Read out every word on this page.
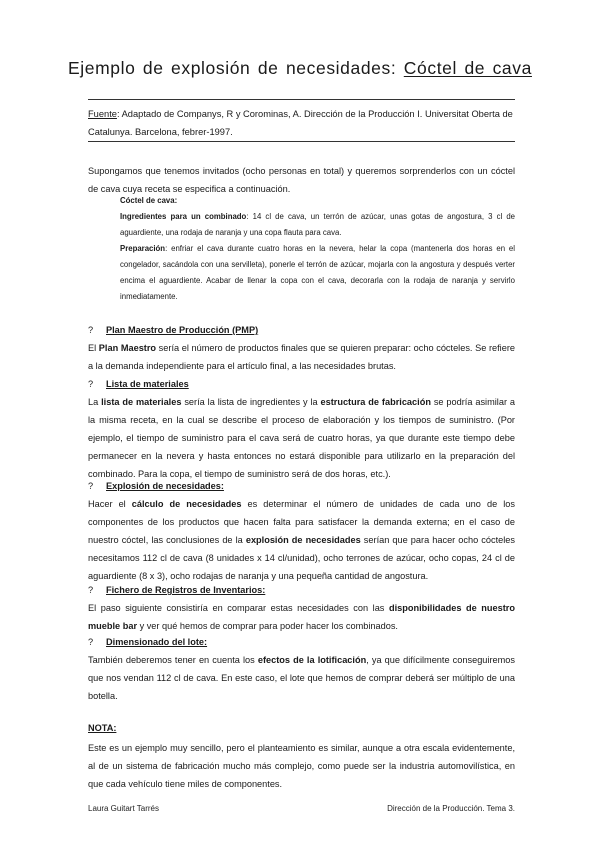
Ejemplo de explosión de necesidades: Cóctel de cava
Fuente: Adaptado de Companys, R y Corominas, A. Dirección de la Producción I. Universitat Oberta de Catalunya. Barcelona, febrer-1997.
Supongamos que tenemos invitados (ocho personas en total) y queremos sorprenderlos con un cóctel de cava cuya receta se especifica a continuación.
Cóctel de cava:
Ingredientes para un combinado: 14 cl de cava, un terrón de azúcar, unas gotas de angostura, 3 cl de aguardiente, una rodaja de naranja y una copa flauta para cava.
Preparación: enfriar el cava durante cuatro horas en la nevera, helar la copa (mantenerla dos horas en el congelador, sacándola con una servilleta), ponerle el terrón de azúcar, mojarla con la angostura y después verter encima el aguardiente. Acabar de llenar la copa con el cava, decorarla con la rodaja de naranja y servirlo inmediatamente.
? Plan Maestro de Producción (PMP)
El Plan Maestro sería el número de productos finales que se quieren preparar: ocho cócteles. Se refiere a la demanda independiente para el artículo final, a las necesidades brutas.
? Lista de materiales
La lista de materiales sería la lista de ingredientes y la estructura de fabricación se podría asimilar a la misma receta, en la cual se describe el proceso de elaboración y los tiempos de suministro. (Por ejemplo, el tiempo de suministro para el cava será de cuatro horas, ya que durante este tiempo debe permanecer en la nevera y hasta entonces no estará disponible para utilizarlo en la preparación del combinado. Para la copa, el tiempo de suministro será de dos horas, etc.).
? Explosión de necesidades:
Hacer el cálculo de necesidades es determinar el número de unidades de cada uno de los componentes de los productos que hacen falta para satisfacer la demanda externa; en el caso de nuestro cóctel, las conclusiones de la explosión de necesidades serían que para hacer ocho cócteles necesitamos 112 cl de cava (8 unidades x 14 cl/unidad), ocho terrones de azúcar, ocho copas, 24 cl de aguardiente (8 x 3), ocho rodajas de naranja y una pequeña cantidad de angostura.
? Fichero de Registros de Inventarios:
El paso siguiente consistiría en comparar estas necesidades con las disponibilidades de nuestro mueble bar y ver qué hemos de comprar para poder hacer los combinados.
? Dimensionado del lote:
También deberemos tener en cuenta los efectos de la lotificación, ya que difícilmente conseguiremos que nos vendan 112 cl de cava. En este caso, el lote que hemos de comprar deberá ser múltiplo de una botella.
NOTA:
Este es un ejemplo muy sencillo, pero el planteamiento es similar, aunque a otra escala evidentemente, al de un sistema de fabricación mucho más complejo, como puede ser la industria automovilística, en que cada vehículo tiene miles de componentes.
Laura Guitart Tarrés	Dirección de la Producción. Tema 3.
